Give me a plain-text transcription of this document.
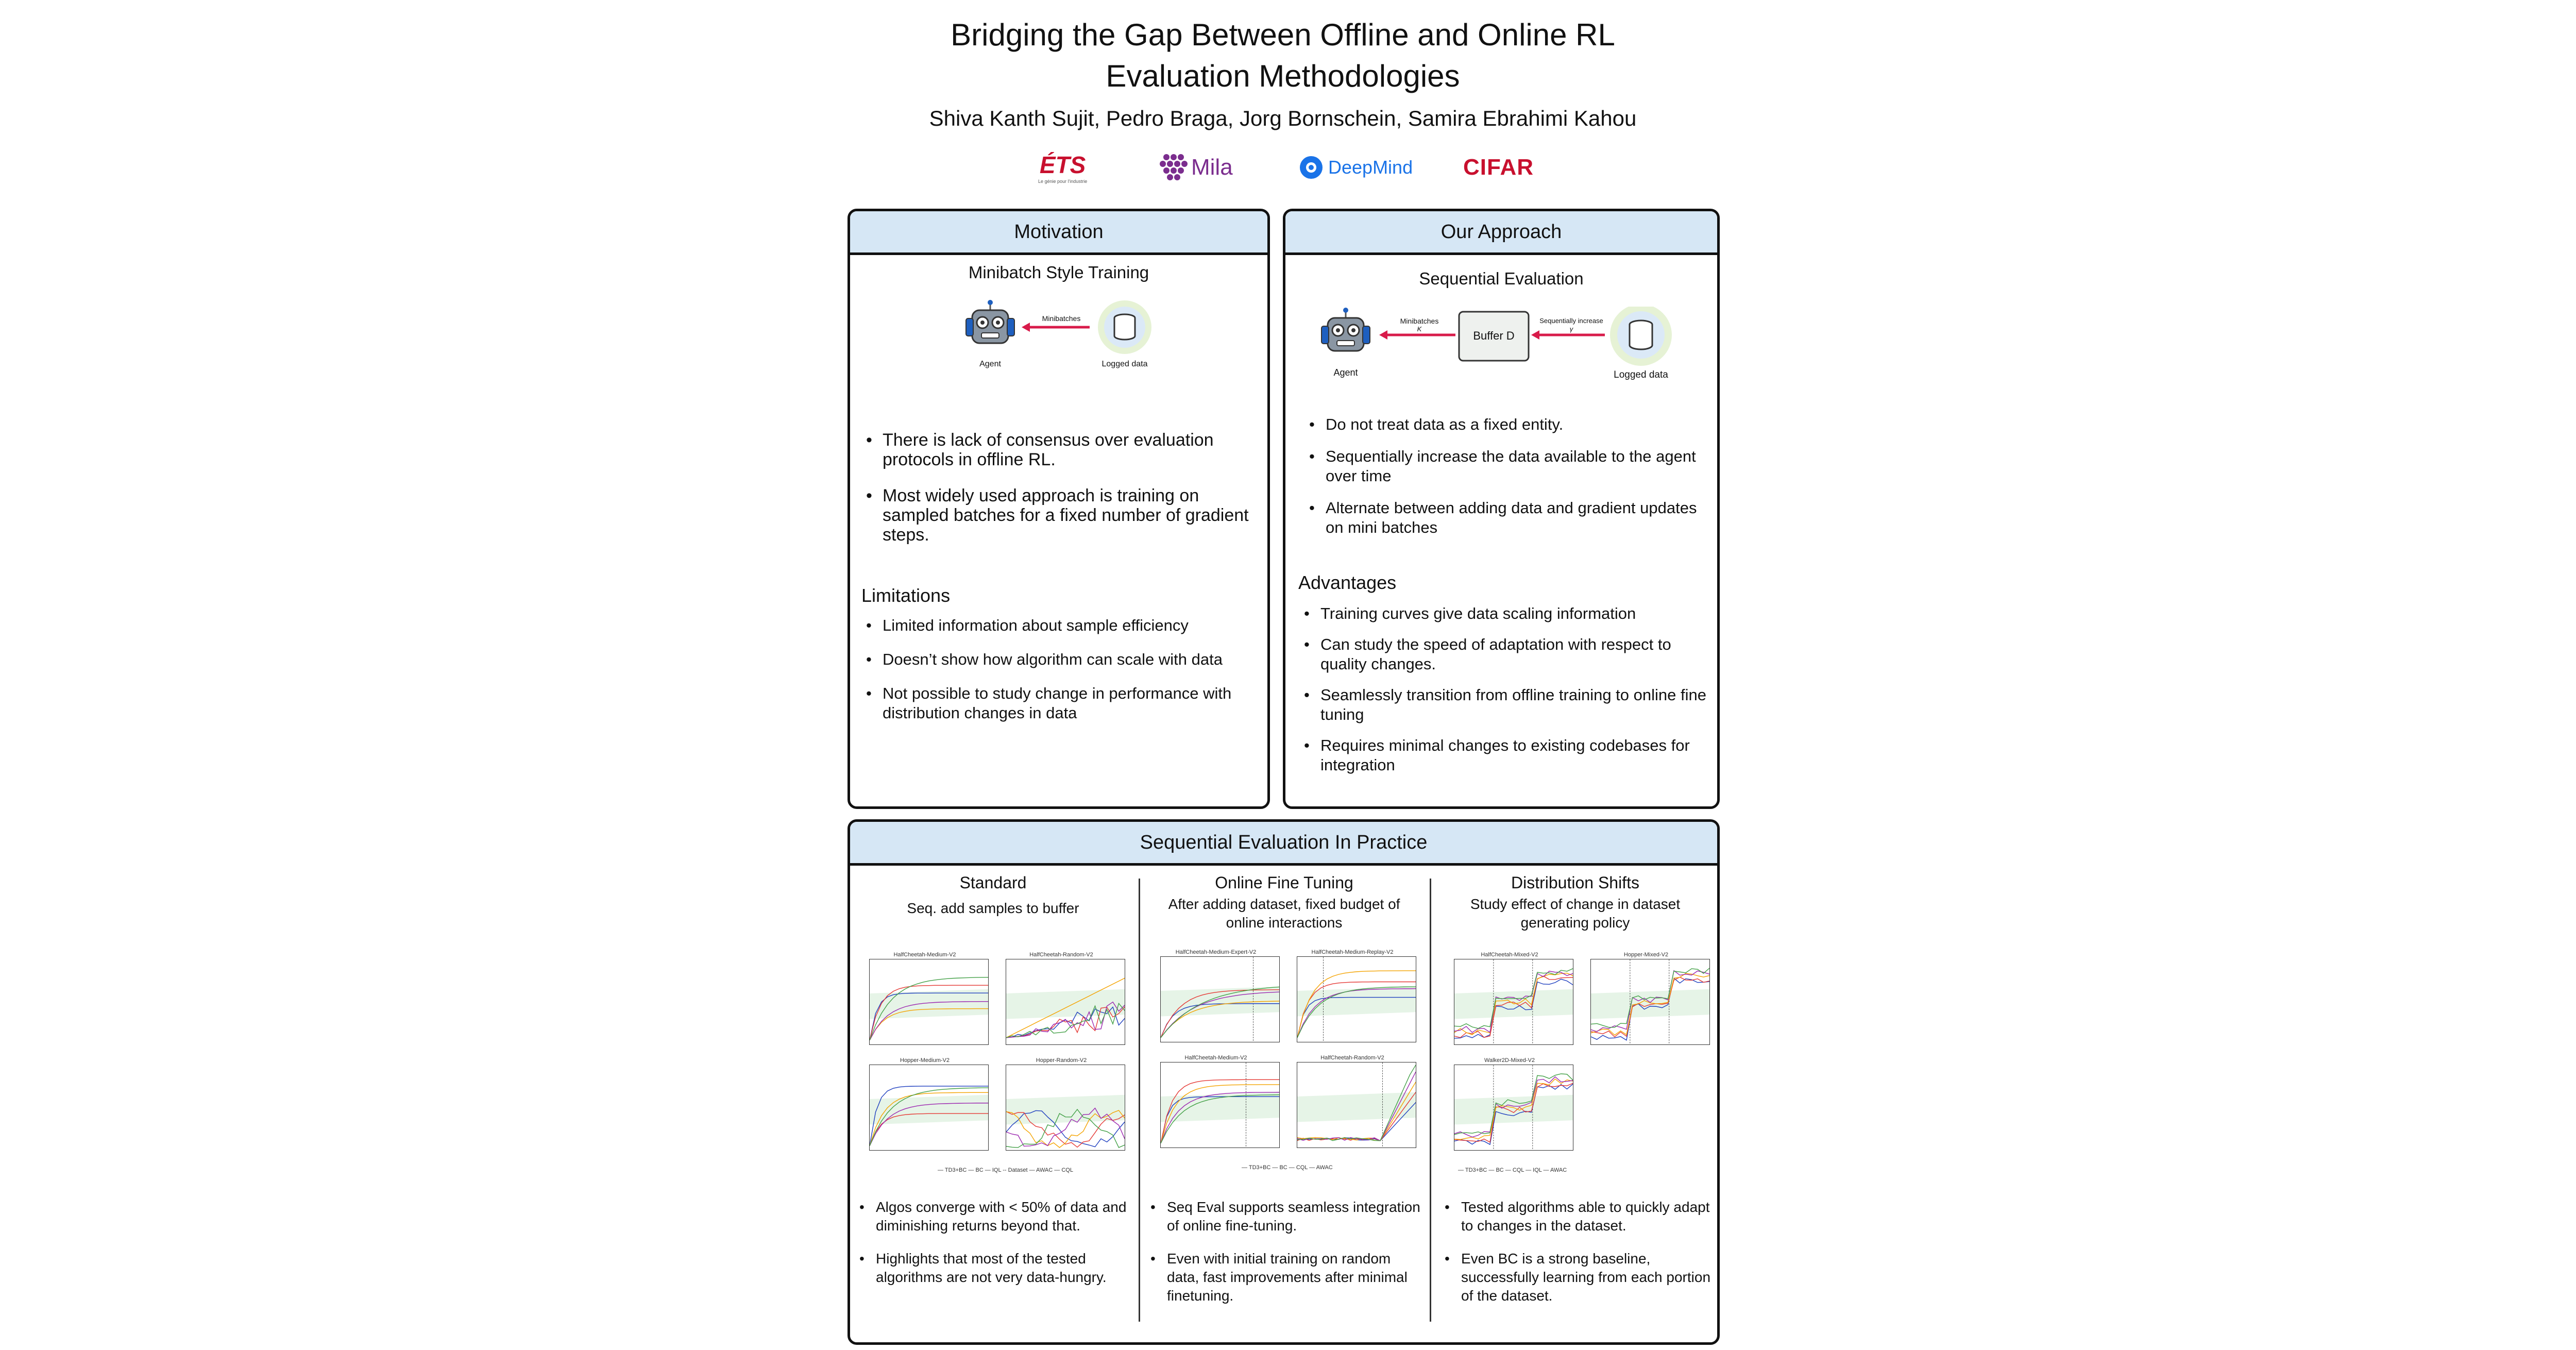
Bridging the Gap Between Offline and Online RL Evaluation Methodologies
Shiva Kanth Sujit, Pedro Braga, Jorg Bornschein, Samira Ebrahimi Kahou
ÉTS
Le génie pour l'industrie
Mila	DeepMind CIFAR
Motivation
Minibatch Style Training
Agent
Minibatches
Logged data
• There is lack of consensus over evaluation protocols in offline RL.
• Most widely used approach is training on sampled batches for a fixed number of gradient steps.
Limitations
• Limited information about sample efficiency
• Doesn’t show how algorithm can scale with data
• Not possible to study change in performance with distribution changes in data
Our Approach
Sequential Evaluation
Agent
Minibatches
K
Buffer D
Sequentially increase
γ
Logged data
• Do not treat data as a fixed entity.
• Sequentially increase the data available to the agent over time
• Alternate between adding data and gradient updates on mini batches
Advantages
• Training curves give data scaling information
• Can study the speed of adaptation with respect to quality changes.
• Seamlessly transition from offline training to online fine tuning
• Requires minimal changes to existing codebases for integration
Sequential Evaluation In Practice
Standard
Seq. add samples to buffer
HalfCheetah-Medium-V2	HalfCheetah-Random-V2
Hopper-Medium-V2	Hopper-Random-V2
— TD3+BC — BC — IQL -- Dataset — AWAC — CQL
• Algos converge with < 50% of data and diminishing returns beyond that.
• Highlights that most of the tested algorithms are not very data-hungry.
Online Fine Tuning
After adding dataset, fixed budget of online interactions
HalfCheetah-Medium-Expert-V2	HalfCheetah-Medium-Replay-V2
HalfCheetah-Medium-V2	HalfCheetah-Random-V2
— TD3+BC — BC — CQL — AWAC
• Seq Eval supports seamless integration of online fine-tuning.
• Even with initial training on random data, fast improvements after minimal finetuning.
Distribution Shifts
Study effect of change in dataset generating policy
HalfCheetah-Mixed-V2	Hopper-Mixed-V2
Walker2D-Mixed-V2
— TD3+BC — BC — CQL — IQL — AWAC
• Tested algorithms able to quickly adapt to changes in the dataset.
• Even BC is a strong baseline, successfully learning from each portion of the dataset.
